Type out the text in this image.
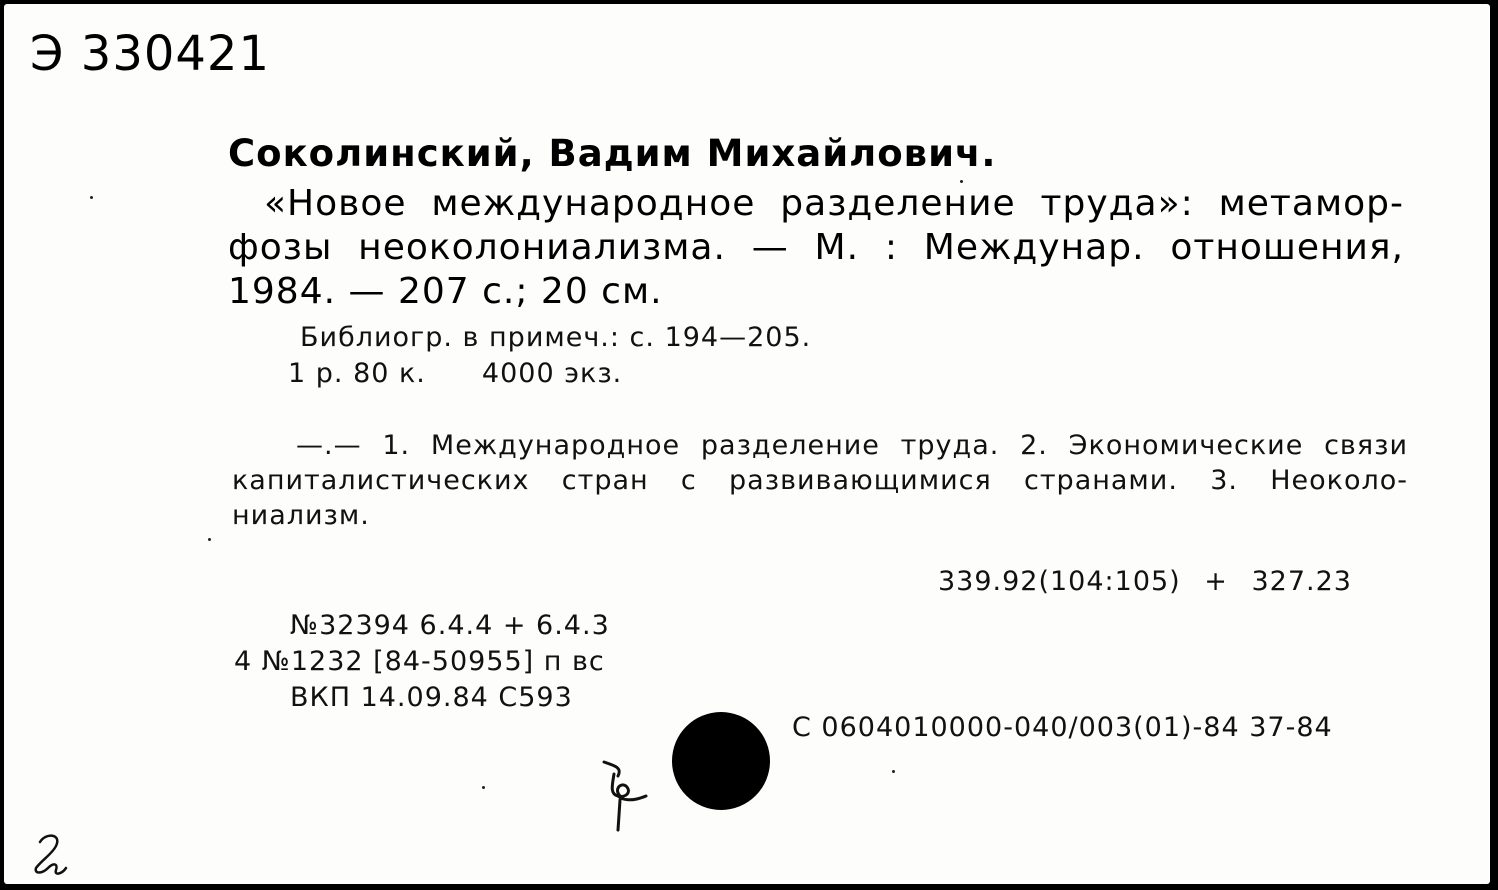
Э 330421
Соколинский, Вадим Михайлович.
«Новое международное разделение труда»: метамор-
фозы неоколониализма. — М. : Междунар. отношения,
1984. — 207 с.; 20 см.
Библиогр. в примеч.: с. 194—205.
1 р. 80 к. 4000 экз.
—.— 1. Международное разделение труда. 2. Экономические связи
капиталистических стран с развивающимися странами. 3. Неоколо-
ниализм.
339.92(104:105) + 327.23
№32394 6.4.4 + 6.4.3
4 №1232 [84-50955] п вс
ВКП 14.09.84 С593
С 0604010000-040/003(01)-84 37-84
